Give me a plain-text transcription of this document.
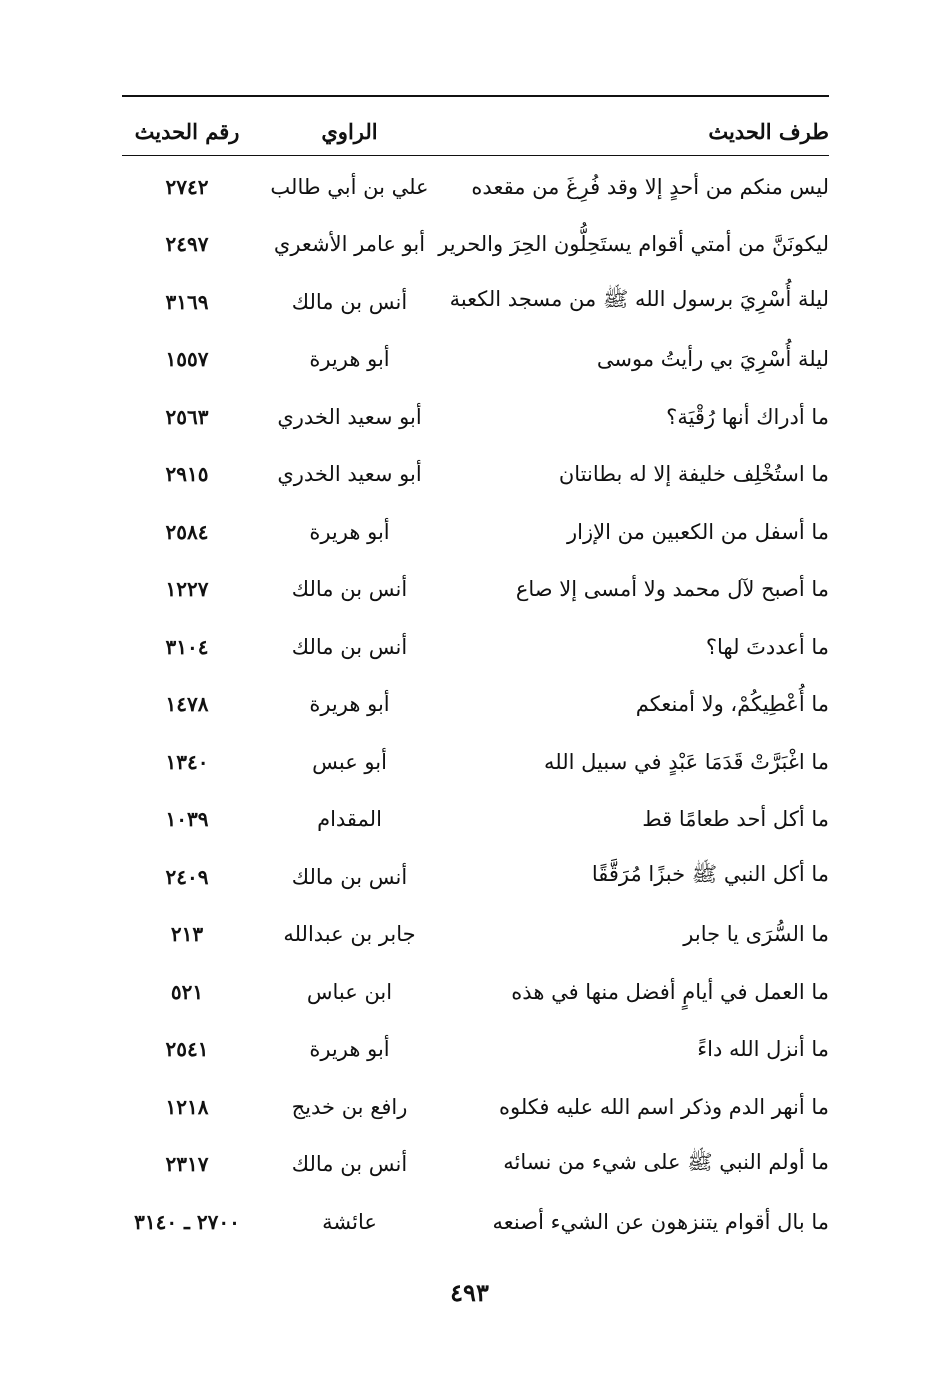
طرف الحديث
الراوي
رقم الحديث
ليس منكم من أحدٍ إلا وقد فُرِغَ من مقعده
علي بن أبي طالب
٢٧٤٢
ليكونَنَّ من أمتي أقوام يستَحِلُّون الحِرَ والحرير
أبو عامر الأشعري
٢٤٩٧
ليلة أُسْرِيَ برسول الله ﷺ من مسجد الكعبة
أنس بن مالك
٣١٦٩
ليلة أُسْرِيَ بي رأيتُ موسى
أبو هريرة
١٥٥٧
ما أدراك أنها رُقْيَة؟
أبو سعيد الخدري
٢٥٦٣
ما استُخْلِف خليفة إلا له بطانتان
أبو سعيد الخدري
٢٩١٥
ما أسفل من الكعبين من الإزار
أبو هريرة
٢٥٨٤
ما أصبح لآل محمد ولا أمسى إلا صاع
أنس بن مالك
١٢٢٧
ما أعددتَ لها؟
أنس بن مالك
٣١٠٤
ما أُعْطِيكُمْ، ولا أمنعكم
أبو هريرة
١٤٧٨
ما اغْبَرَّتْ قَدَمَا عَبْدٍ في سبيل الله
أبو عبس
١٣٤٠
ما أكل أحد طعامًا قط
المقدام
١٠٣٩
ما أكل النبي ﷺ خبزًا مُرَقَّقًا
أنس بن مالك
٢٤٠٩
ما السُّرَى يا جابر
جابر بن عبدالله
٢١٣
ما العمل في أيامٍ أفضل منها في هذه
ابن عباس
٥٢١
ما أنزل الله داءً
أبو هريرة
٢٥٤١
ما أنهر الدم وذكر اسم الله عليه فكلوه
رافع بن خديج
١٢١٨
ما أولم النبي ﷺ على شيء من نسائه
أنس بن مالك
٢٣١٧
ما بال أقوام يتنزهون عن الشيء أصنعه
عائشة
٢٧٠٠ ـ ٣١٤٠
٤٩٣
